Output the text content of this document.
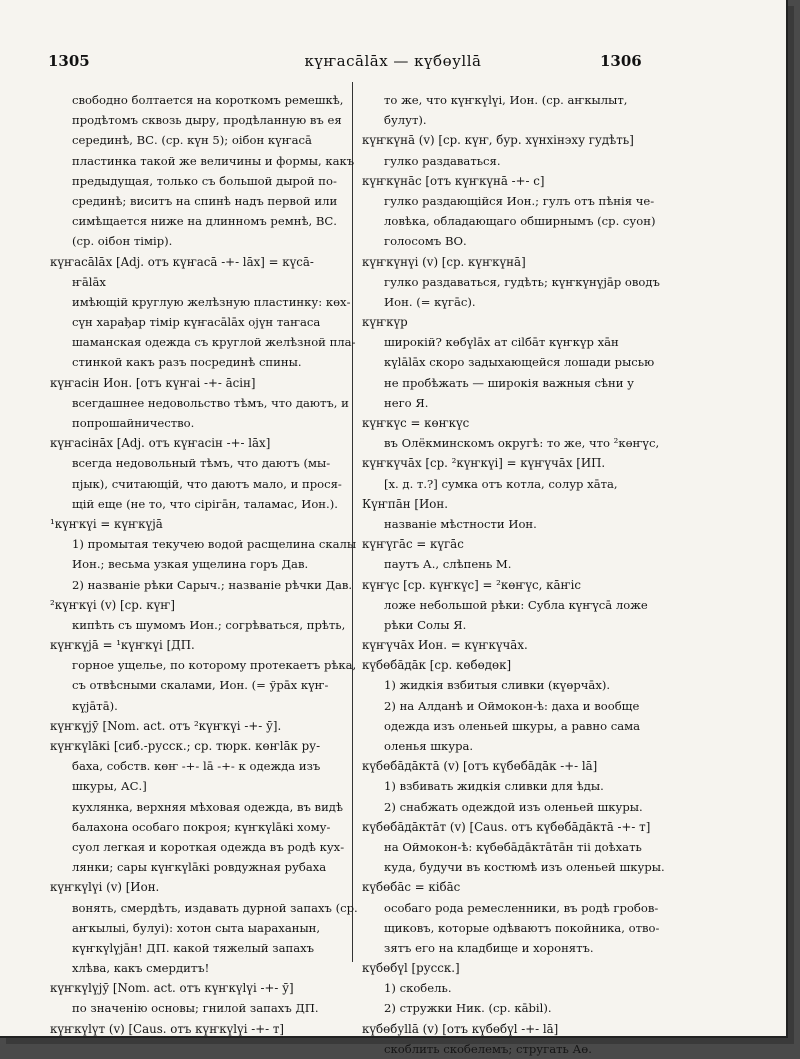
1305	күҥасālāх — күбөуllā	1306
свободно болтается на короткомъ ремешкѣ,
продѣтомъ сквозь дыру, продѣланную въ ея
серединѣ, ВС. (ср. күн 5); оібон күҥасā
пластинка такой же величины и формы, какъ
предыдущая, только съ большой дырой по-
срединѣ; виситъ на спинѣ надъ первой или
симѣщается ниже на длинномъ ремнѣ, ВС.
(ср. оібон тімір).
күҥасālāх [Adj. отъ күҥасā -+- lāх] = күсā-
ҥālāх
имѣющій круглую желѣзную пластинку: көх-
сүн харађар тімір күҥасālāх ојүн таҥаса
шаманская одежда съ круглой желѣзной пла-
стинкой какъ разъ посрединѣ спины.
күҥасін Ион. [отъ күҥаі -+- āсін]
всегдашнее недовольство тѣмъ, что даютъ, и
попрошайничество.
күҥасінāх [Adj. отъ күҥасін -+- lāх]
всегда недовольный тѣмъ, что даютъ (мы-
пјык), считающій, что даютъ мало, и прося-
щій еще (не то, что сірігāн, таламас, Ион.).
¹күҥкүі = күҥкүјā
1) промытая текучею водой расщелина скалы
Ион.; весьма узкая ущелина горъ Дав.
2) названіе рѣки Сарыч.; названіе рѣчки Дав.
²күҥкүі (v) [ср. күҥ]
кипѣть съ шумомъ Ион.; согрѣваться, прѣть,
күҥкүјā = ¹күҥкүі [ДП.
горное ущелье, по которому протекаетъ рѣка,
съ отвѣсными скалами, Ион. (= ўрāх күҥ-
күјāтā).
күҥкүјӯ [Nom. act. отъ ²күҥкүі -+- ӯ].
күҥкүlāкі [сиб.-русск.; ср. тюрк. көҥlāк ру-
баха, собств. көҥ -+- lā -+- к одежда изъ
шкуры, АС.]
кухлянка, верхняя мѣховая одежда, въ видѣ
балахона особаго покроя; күҥкүlāкі хому-
суол легкая и короткая одежда въ родѣ кух-
лянки; сары күҥкүlāкі ровдужная рубаха
күҥкүlүі (v) [Ион.
вонять, смердѣть, издавать дурной запахъ (ср.
аҥкылыі, булуі): хотон сыта ыараханын,
күҥкүlүјāн! ДП. какой тяжелый запахъ
хлѣва, какъ смердитъ!
күҥкүlүјӯ [Nom. act. отъ күҥкүlүі -+- ӯ]
по значенію основы; гнилой запахъ ДП.
күҥкүlүт (v) [Caus. отъ күҥкүlүі -+- т]
то же, что күҥкүlүі, Ион. (ср. аҥкылыт,
булут).
күҥкүнā (v) [ср. күҥ, бур. хүнхінэху гудѣть]
гулко раздаваться.
күҥкүнāс [отъ күҥкүнā -+- с]
гулко раздающійся Ион.; гулъ отъ пѣнія че-
ловѣка, обладающаго обширнымъ (ср. суон)
голосомъ ВО.
күҥкүнүі (v) [ср. күҥкүнā]
гулко раздаваться, гудѣть; күҥкүнүјāр оводъ
Ион. (= күгāс).
күҥкүр
широкій? көбүlāх ат сіlбāт күҥкүр хāн
күlālāх скоро задыхающейся лошади рысью
не пробѣжать — широкія важныя сѣни у
него Я.
күҥкүс = көҥкүс
въ Олёкминскомъ округѣ: то же, что ²көҥүс,
күҥкүчāх [ср. ²күҥкүі] = күҥүчāх [ИП.
[х. д. т.?] сумка отъ котла, солур хāта,
Күҥпāн [Ион.
названіе мѣстности Ион.
күҥүгāс = күгāс
паутъ А., слѣпень М.
күҥүс [ср. күҥкүс] = ²көҥүс, кāҥіс
ложе небольшой рѣки: Субла күҥүсā ложе
рѣки Солы Я.
күҥүчāх Ион. = күҥкүчāх.
күбөбāдāк [ср. көбөдөк]
1) жидкія взбитыя сливки (күөрчāх).
2) на Алданѣ и Оймокон-ѣ: даха и вообще
одежда изъ оленьей шкуры, а равно сама
оленья шкура.
күбөбāдāктā (v) [отъ күбөбāдāк -+- lā]
1) взбивать жидкія сливки для ѣды.
2) снабжать одеждой изъ оленьей шкуры.
күбөбāдāктāт (v) [Caus. отъ күбөбāдāктā -+- т]
на Оймокон-ѣ: күбөбāдāктāтāн тіі доѣхать
куда, будучи въ костюмѣ изъ оленьей шкуры.
күбөбāс = кібāс
особаго рода ремесленники, въ родѣ гробов-
щиковъ, которые одѣваютъ покойника, отво-
зятъ его на кладбище и хоронятъ.
күбөбүl [русск.]
1) скобель.
2) стружки Ник. (ср. кābіl).
күбөбуllā (v) [отъ күбөбүl -+- lā]
скоблить скобелемъ; стругать Аө.
